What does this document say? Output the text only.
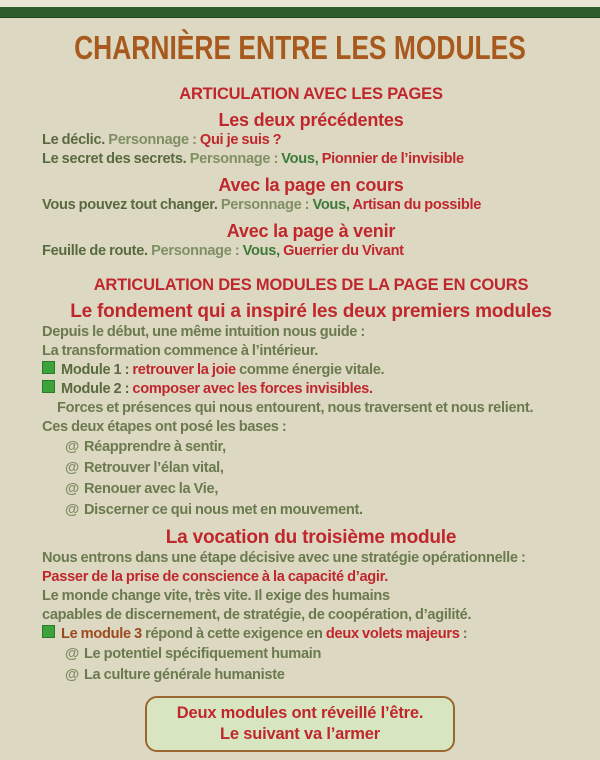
CHARNIÈRE ENTRE LES MODULES
ARTICULATION AVEC LES PAGES
Les deux précédentes
Le déclic. Personnage : Qui je suis ?
Le secret des secrets. Personnage : Vous, Pionnier de l’invisible
Avec la page en cours
Vous pouvez tout changer. Personnage : Vous, Artisan du possible
Avec la page à venir
Feuille de route. Personnage : Vous, Guerrier du Vivant
ARTICULATION DES MODULES DE LA PAGE EN COURS
Le fondement qui a inspiré les deux premiers modules
Depuis le début, une même intuition nous guide :
La transformation commence à l’intérieur.
Module 1 : retrouver la joie comme énergie vitale.
Module 2 : composer avec les forces invisibles.
Forces et présences qui nous entourent, nous traversent et nous relient.
Ces deux étapes ont posé les bases :
@ Réapprendre à sentir,
@ Retrouver l’élan vital,
@ Renouer avec la Vie,
@ Discerner ce qui nous met en mouvement.
La vocation du troisième module
Nous entrons dans une étape décisive avec une stratégie opérationnelle :
Passer de la prise de conscience à la capacité d’agir.
Le monde change vite, très vite. Il exige des humains
capables de discernement, de stratégie, de coopération, d’agilité.
Le module 3 répond à cette exigence en deux volets majeurs :
@ Le potentiel spécifiquement humain
@ La culture générale humaniste
Deux modules ont réveillé l’être.
Le suivant va l’armer
